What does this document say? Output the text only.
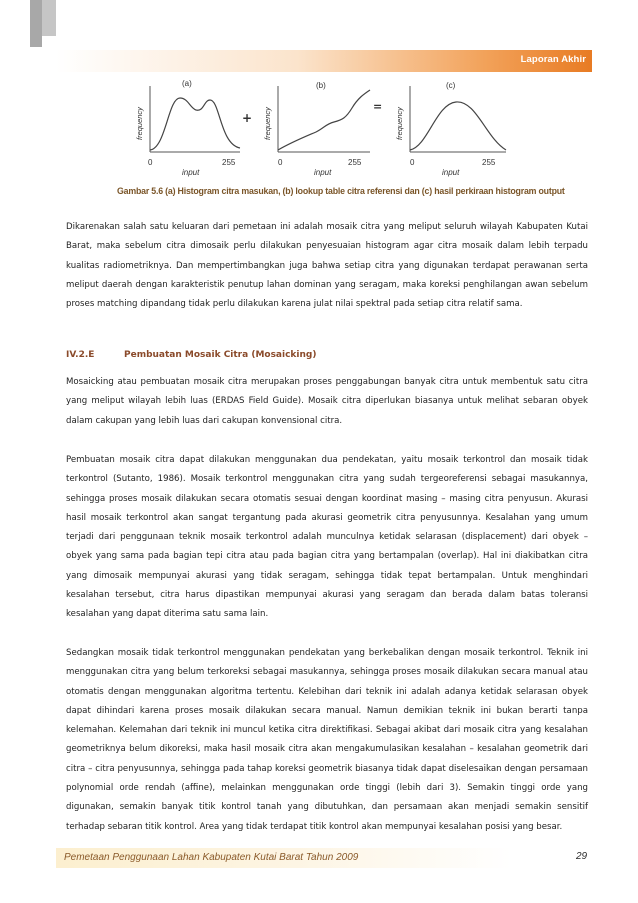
Laporan Akhir
(a)
frequency
0	255
input
+
(b)
frequency
0	255
input
=
(c)
frequency
0	255
input
Gambar 5.6 (a) Histogram citra masukan, (b) lookup table citra referensi dan (c) hasil perkiraan histogram output

Dikarenakan salah satu keluaran dari pemetaan ini adalah mosaik citra yang meliput seluruh wilayah Kabupaten Kutai Barat, maka sebelum citra dimosaik perlu dilakukan penyesuaian histogram agar citra mosaik dalam lebih terpadu kualitas radiometriknya. Dan mempertimbangkan juga bahwa setiap citra yang digunakan terdapat perawanan serta meliput daerah dengan karakteristik penutup lahan dominan yang seragam, maka koreksi penghilangan awan sebelum proses matching dipandang tidak perlu dilakukan karena julat nilai spektral pada setiap citra relatif sama.

IV.2.E	Pembuatan Mosaik Citra (Mosaicking)

Mosaicking atau pembuatan mosaik citra merupakan proses penggabungan banyak citra untuk membentuk satu citra yang meliput wilayah lebih luas (ERDAS Field Guide). Mosaik citra diperlukan biasanya untuk melihat sebaran obyek dalam cakupan yang lebih luas dari cakupan konvensional citra.

Pembuatan mosaik citra dapat dilakukan menggunakan dua pendekatan, yaitu mosaik terkontrol dan mosaik tidak terkontrol (Sutanto, 1986). Mosaik terkontrol menggunakan citra yang sudah tergeoreferensi sebagai masukannya, sehingga proses mosaik dilakukan secara otomatis sesuai dengan koordinat masing – masing citra penyusun. Akurasi hasil mosaik terkontrol akan sangat tergantung pada akurasi geometrik citra penyusunnya. Kesalahan yang umum terjadi dari penggunaan teknik mosaik terkontrol adalah munculnya ketidak selarasan (displacement) dari obyek – obyek yang sama pada bagian tepi citra atau pada bagian citra yang bertampalan (overlap). Hal ini diakibatkan citra yang dimosaik mempunyai akurasi yang tidak seragam, sehingga tidak tepat bertampalan. Untuk menghindari kesalahan tersebut, citra harus dipastikan mempunyai akurasi yang seragam dan berada dalam batas toleransi kesalahan yang dapat diterima satu sama lain.

Sedangkan mosaik tidak terkontrol menggunakan pendekatan yang berkebalikan dengan mosaik terkontrol. Teknik ini menggunakan citra yang belum terkoreksi sebagai masukannya, sehingga proses mosaik dilakukan secara manual atau otomatis dengan menggunakan algoritma tertentu. Kelebihan dari teknik ini adalah adanya ketidak selarasan obyek dapat dihindari karena proses mosaik dilakukan secara manual. Namun demikian teknik ini bukan berarti tanpa kelemahan. Kelemahan dari teknik ini muncul ketika citra direktifikasi. Sebagai akibat dari mosaik citra yang kesalahan geometriknya belum dikoreksi, maka hasil mosaik citra akan mengakumulasikan kesalahan – kesalahan geometrik dari citra – citra penyusunnya, sehingga pada tahap koreksi geometrik biasanya tidak dapat diselesaikan dengan persamaan polynomial orde rendah (affine), melainkan menggunakan orde tinggi (lebih dari 3). Semakin tinggi orde yang digunakan, semakin banyak titik kontrol tanah yang dibutuhkan, dan persamaan akan menjadi semakin sensitif terhadap sebaran titik kontrol. Area yang tidak terdapat titik kontrol akan mempunyai kesalahan posisi yang besar.

Pemetaan Penggunaan Lahan Kabupaten Kutai Barat Tahun 2009	29
